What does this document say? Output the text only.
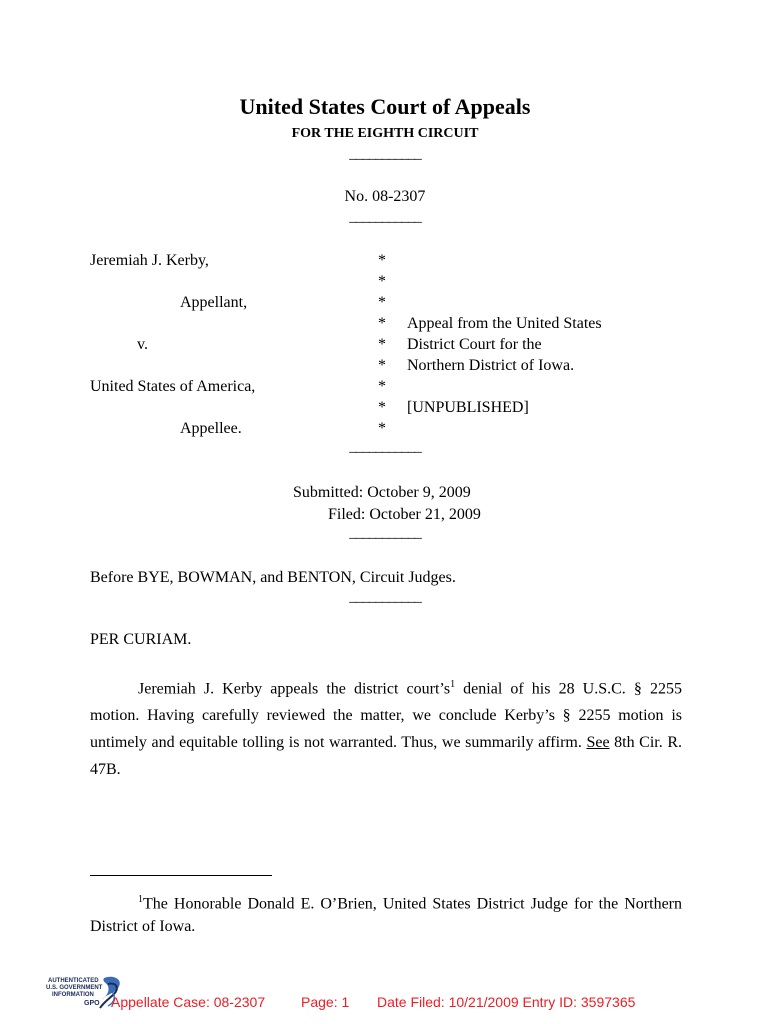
United States Court of Appeals
FOR THE EIGHTH CIRCUIT
___________
No. 08-2307
___________
Jeremiah J. Kerby,
Appellant,
v.
United States of America,
Appellee.
*
*
*
*
*
*
*
*
*
Appeal from the United States
District Court for the
Northern District of Iowa.
[UNPUBLISHED]
___________
Submitted: October 9, 2009
Filed: October 21, 2009
___________
Before BYE, BOWMAN, and BENTON, Circuit Judges.
___________
PER CURIAM.
Jeremiah J. Kerby appeals the district $court’s^1$ denial of his 28 U.S.C. § 2255 motion. Having carefully reviewed the matter, we conclude Kerby’s § 2255 motion is untimely and equitable tolling is not warranted. Thus, we summarily affirm. See 8th Cir. R. 47B.
$^1$The Honorable Donald E. O’Brien, United States District Judge for the Northern District of Iowa.
AUTHENTICATED
U.S. GOVERNMENT
INFORMATION
GPO Appellate Case: 08-2307	Page: 1 Date Filed: 10/21/2009 Entry ID: 3597365
